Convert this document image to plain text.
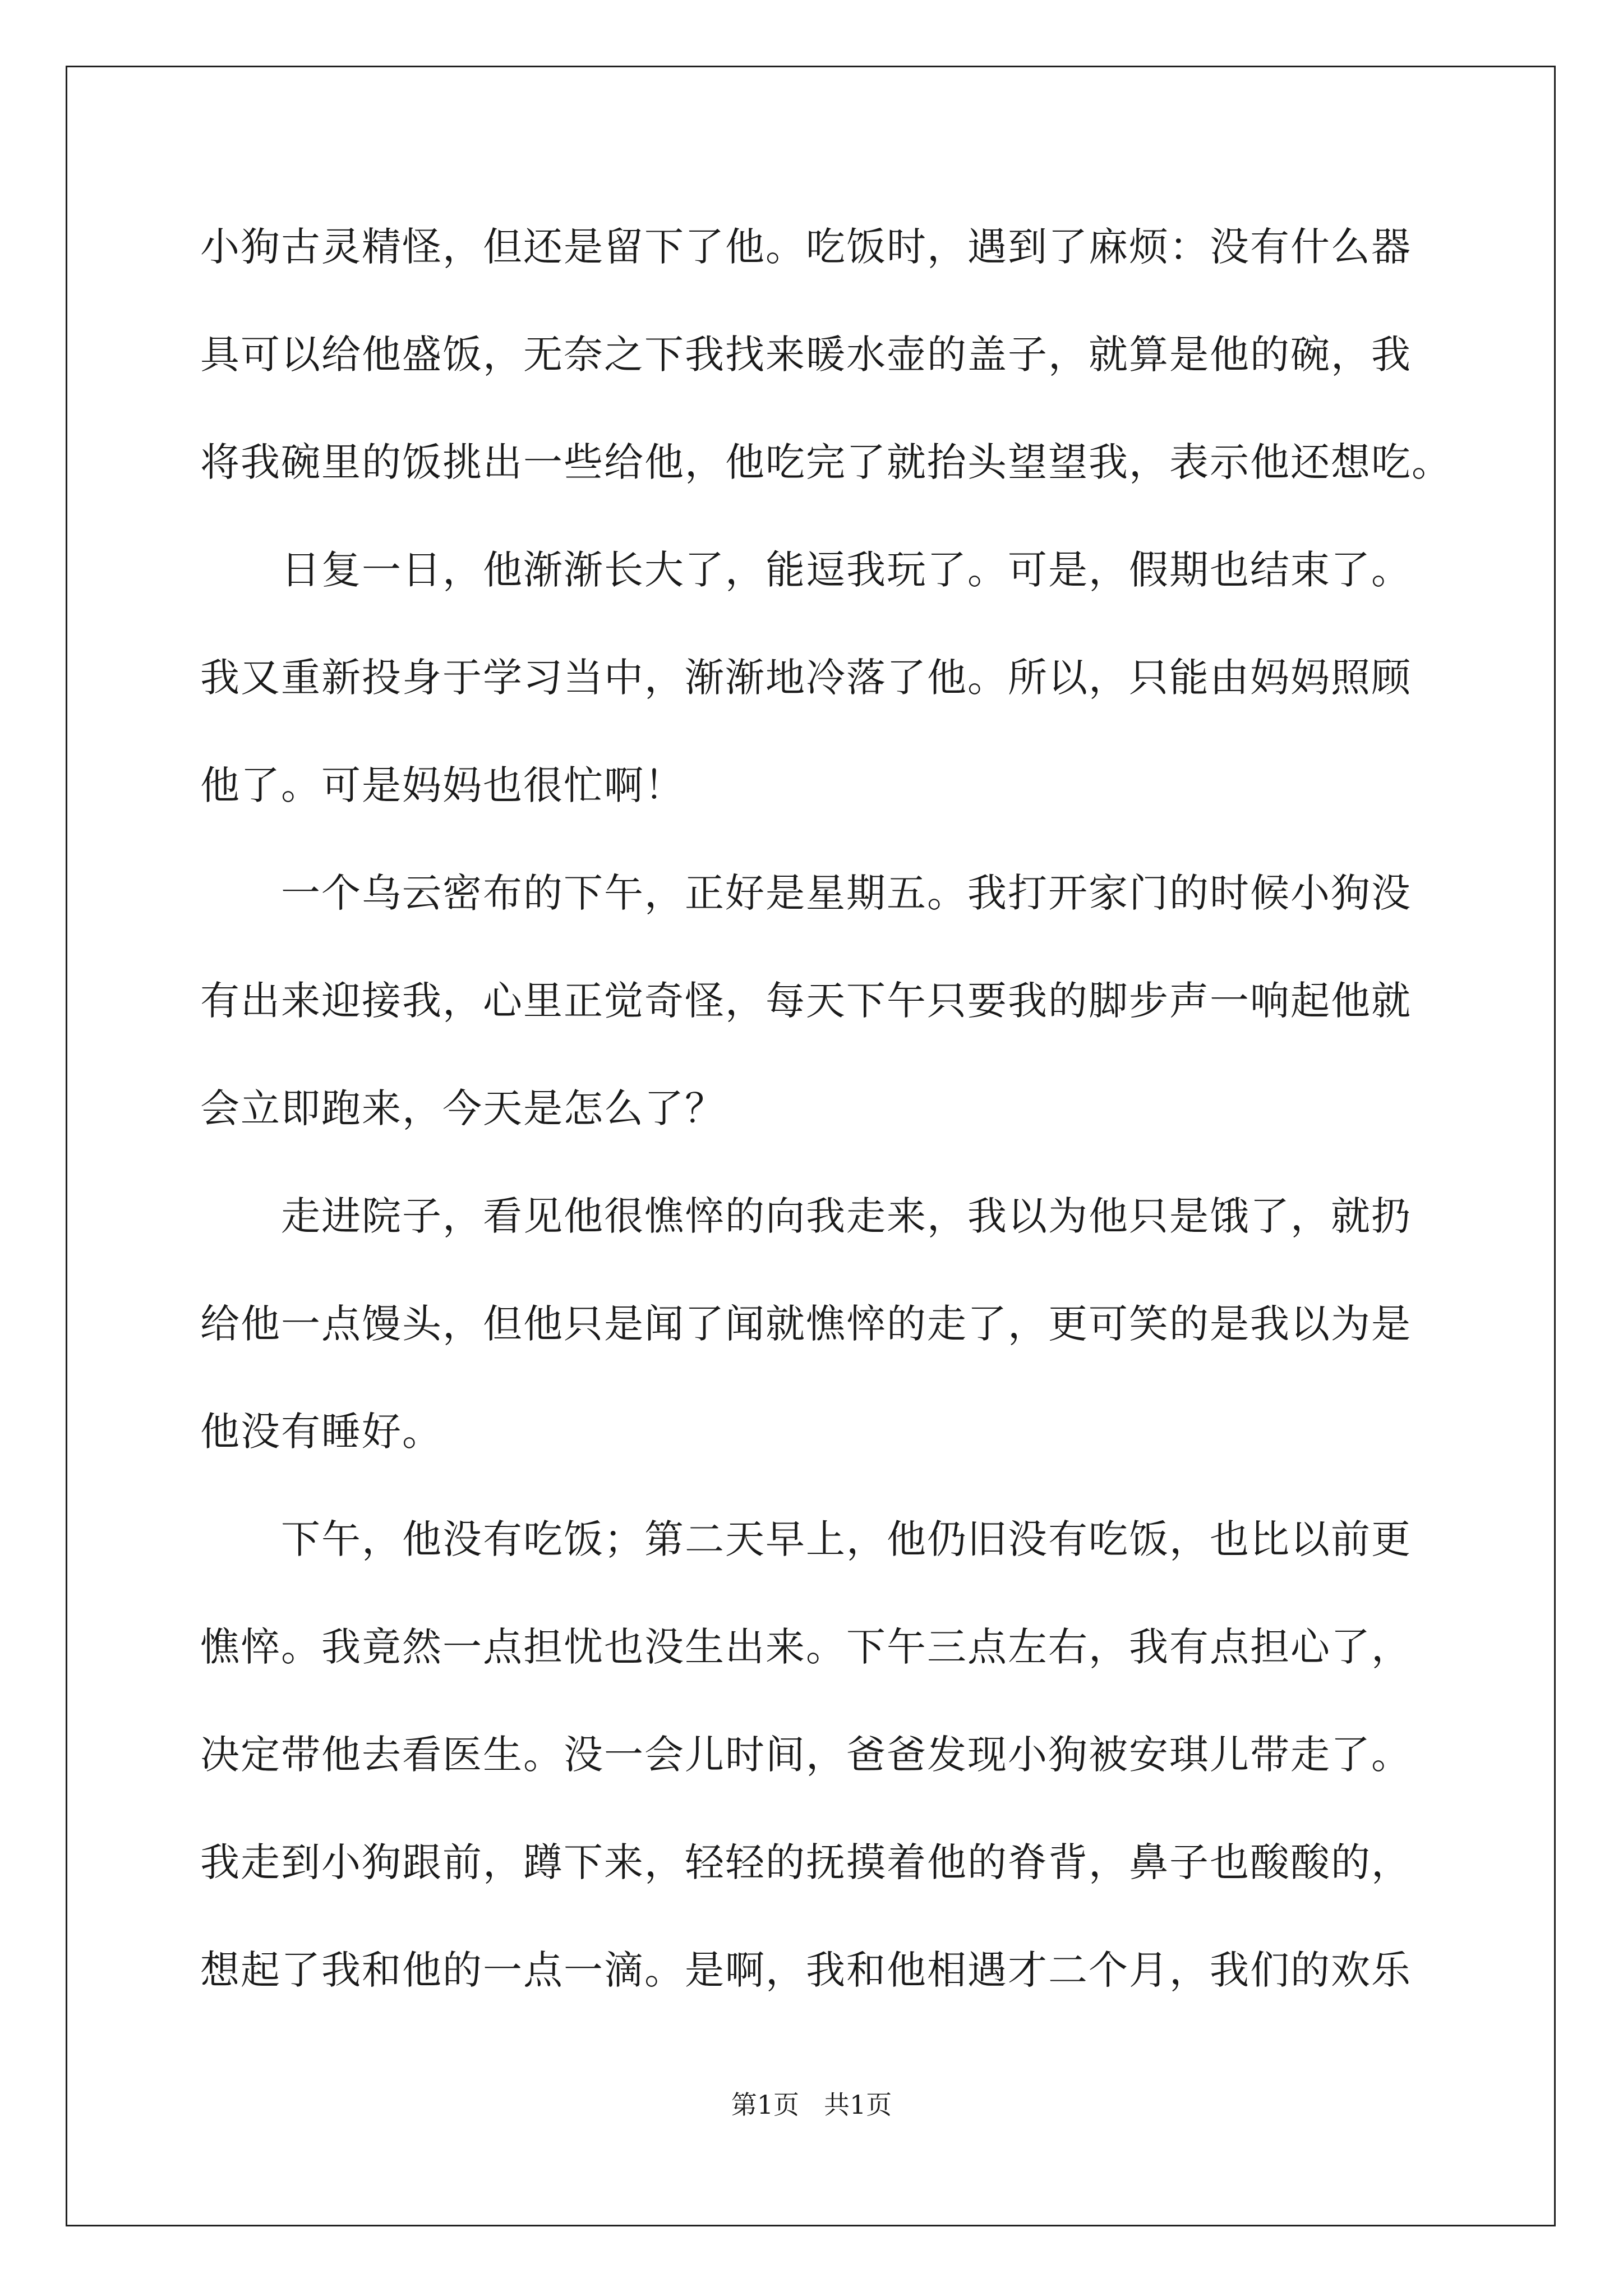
小狗古灵精怪，但还是留下了他。吃饭时，遇到了麻烦：没有什么器
具可以给他盛饭，无奈之下我找来暖水壶的盖子，就算是他的碗，我
将我碗里的饭挑出一些给他，他吃完了就抬头望望我，表示他还想吃。
　　日复一日，他渐渐长大了，能逗我玩了。可是，假期也结束了。
我又重新投身于学习当中，渐渐地冷落了他。所以，只能由妈妈照顾
他了。可是妈妈也很忙啊！
　　一个乌云密布的下午，正好是星期五。我打开家门的时候小狗没
有出来迎接我，心里正觉奇怪，每天下午只要我的脚步声一响起他就
会立即跑来，今天是怎么了？
　　走进院子，看见他很憔悴的向我走来，我以为他只是饿了，就扔
给他一点馒头，但他只是闻了闻就憔悴的走了，更可笑的是我以为是
他没有睡好。
　　下午，他没有吃饭；第二天早上，他仍旧没有吃饭，也比以前更
憔悴。我竟然一点担忧也没生出来。下午三点左右，我有点担心了，
决定带他去看医生。没一会儿时间，爸爸发现小狗被安琪儿带走了。
我走到小狗跟前，蹲下来，轻轻的抚摸着他的脊背，鼻子也酸酸的，
想起了我和他的一点一滴。是啊，我和他相遇才二个月，我们的欢乐
第1页 共1页
